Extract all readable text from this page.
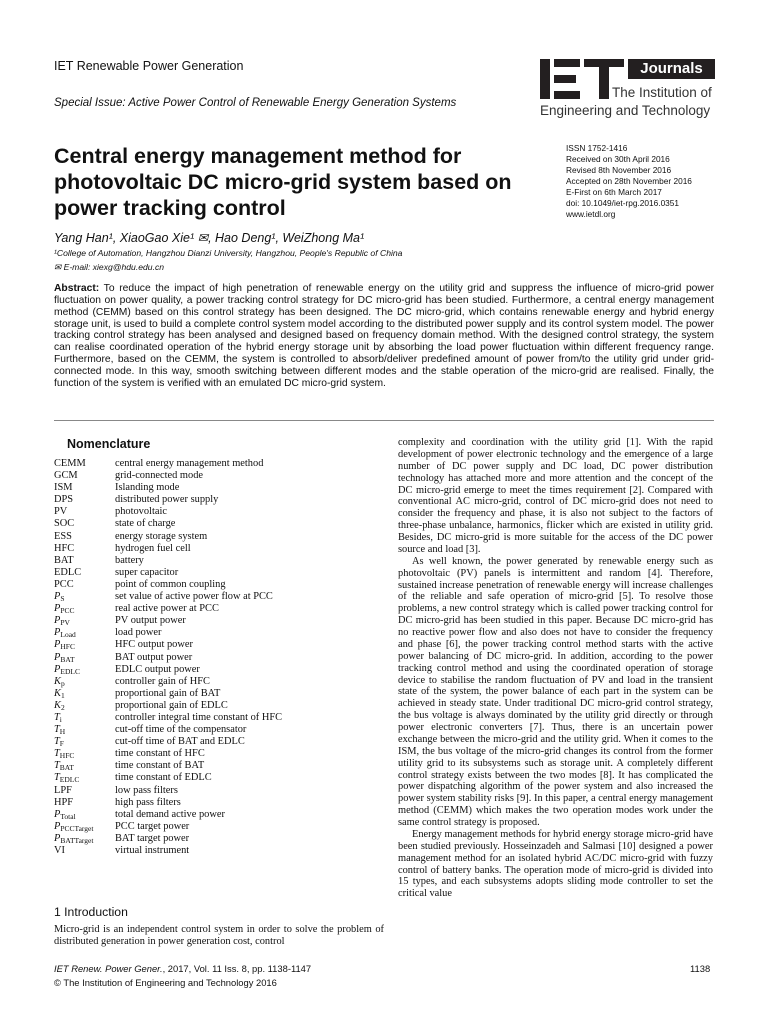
IET Renewable Power Generation
Special Issue: Active Power Control of Renewable Energy Generation Systems
Journals
The Institution of
Engineering and Technology
Central energy management method for photovoltaic DC micro-grid system based on power tracking control
ISSN 1752-1416
Received on 30th April 2016
Revised 8th November 2016
Accepted on 28th November 2016
E-First on 6th March 2017
doi: 10.1049/iet-rpg.2016.0351
www.ietdl.org
Yang Han¹, XiaoGao Xie¹ ✉, Hao Deng¹, WeiZhong Ma¹
¹College of Automation, Hangzhou Dianzi University, Hangzhou, People's Republic of China
✉ E-mail: xiexg@hdu.edu.cn
Abstract: To reduce the impact of high penetration of renewable energy on the utility grid and suppress the influence of micro-grid power fluctuation on power quality, a power tracking control strategy for DC micro-grid has been studied. Furthermore, a central energy management method (CEMM) based on this control strategy has been designed. The DC micro-grid, which contains renewable energy and hybrid energy storage unit, is used to build a complete control system model according to the distributed power supply and its control system model. The power tracking control strategy has been analysed and designed based on frequency domain method. With the designed control strategy, the system can realise coordinated operation of the hybrid energy storage unit by absorbing the load power fluctuation within different frequency range. Furthermore, based on the CEMM, the system is controlled to absorb/deliver predefined amount of power from/to the utility grid under grid-connected mode. In this way, smooth switching between different modes and the stable operation of the micro-grid are realised. Finally, the function of the system is verified with an emulated DC micro-grid system.
Nomenclature
CEMM	central energy management method
GCM	grid-connected mode
ISM	Islanding mode
DPS	distributed power supply
PV	photovoltaic
SOC	state of charge
ESS	energy storage system
HFC	hydrogen fuel cell
BAT	battery
EDLC	super capacitor
PCC	point of common coupling
$P_S$	set value of active power flow at PCC
$P_{PCC}$	real active power at PCC
$P_{PV}$	PV output power
$P_{Load}$	load power
$P_{HFC}$	HFC output power
$P_{BAT}$	BAT output power
$P_{EDLC}$	EDLC output power
$K_p$	controller gain of HFC
$K_1$	proportional gain of BAT
$K_2$	proportional gain of EDLC
$T_i$	controller integral time constant of HFC
$T_H$	cut-off time of the compensator
$T_F$	cut-off time of BAT and EDLC
$T_{HFC}$	time constant of HFC
$T_{BAT}$	time constant of BAT
$T_{EDLC}$	time constant of EDLC
LPF	low pass filters
HPF	high pass filters
$P_{Total}$	total demand active power
$P_{PCCTarget}$	PCC target power
$P_{BATTarget}$	BAT target power
VI	virtual instrument
1 Introduction
Micro-grid is an independent control system in order to solve the problem of distributed generation in power generation cost, control

complexity and coordination with the utility grid [1]. With the rapid development of power electronic technology and the emergence of a large number of DC power supply and DC load, DC power distribution technology has attached more and more attention and the concept of the DC micro-grid emerge to meet the times requirement [2]. Compared with conventional AC micro-grid, control of DC micro-grid does not need to consider the frequency and phase, it is also not subject to the factors of three-phase unbalance, harmonics, flicker which are existed in utility grid. Besides, DC micro-grid is more suitable for the access of the DC power source and load [3].

As well known, the power generated by renewable energy such as photovoltaic (PV) panels is intermittent and random [4]. Therefore, sustained increase penetration of renewable energy will increase challenges of the reliable and safe operation of micro-grid [5]. To resolve those problems, a new control strategy which is called power tracking control for DC micro-grid has been studied in this paper. Because DC micro-grid has no reactive power flow and also does not have to consider the frequency and phase [6], the power tracking control method starts with the active power balancing of DC micro-grid. In addition, according to the power tracking control method and using the coordinated operation of storage device to stabilise the random fluctuation of PV and load in the transient state of the system, the power balance of each part in the system can be achieved in steady state. Under traditional DC micro-grid control strategy, the bus voltage is always dominated by the utility grid directly or through power electronic converters [7]. Thus, there is an uncertain power exchange between the micro-grid and the utility grid. When it comes to the ISM, the bus voltage of the micro-grid changes its control from the former utility grid to its subsystems such as storage unit. A completely different control strategy exists between the two modes [8]. It has complicated the power dispatching algorithm of the power system and also increased the power system stability risks [9]. In this paper, a central energy management method (CEMM) which makes the two operation modes work under the same control strategy is proposed.

Energy management methods for hybrid energy storage micro-grid have been studied previously. Hosseinzadeh and Salmasi [10] designed a power management method for an isolated hybrid AC/DC micro-grid with fuzzy control of battery banks. The operation mode of micro-grid is divided into 15 types, and each subsystems adopts sliding mode controller to set the critical value

IET Renew. Power Gener., 2017, Vol. 11 Iss. 8, pp. 1138-1147
© The Institution of Engineering and Technology 2016
1138
